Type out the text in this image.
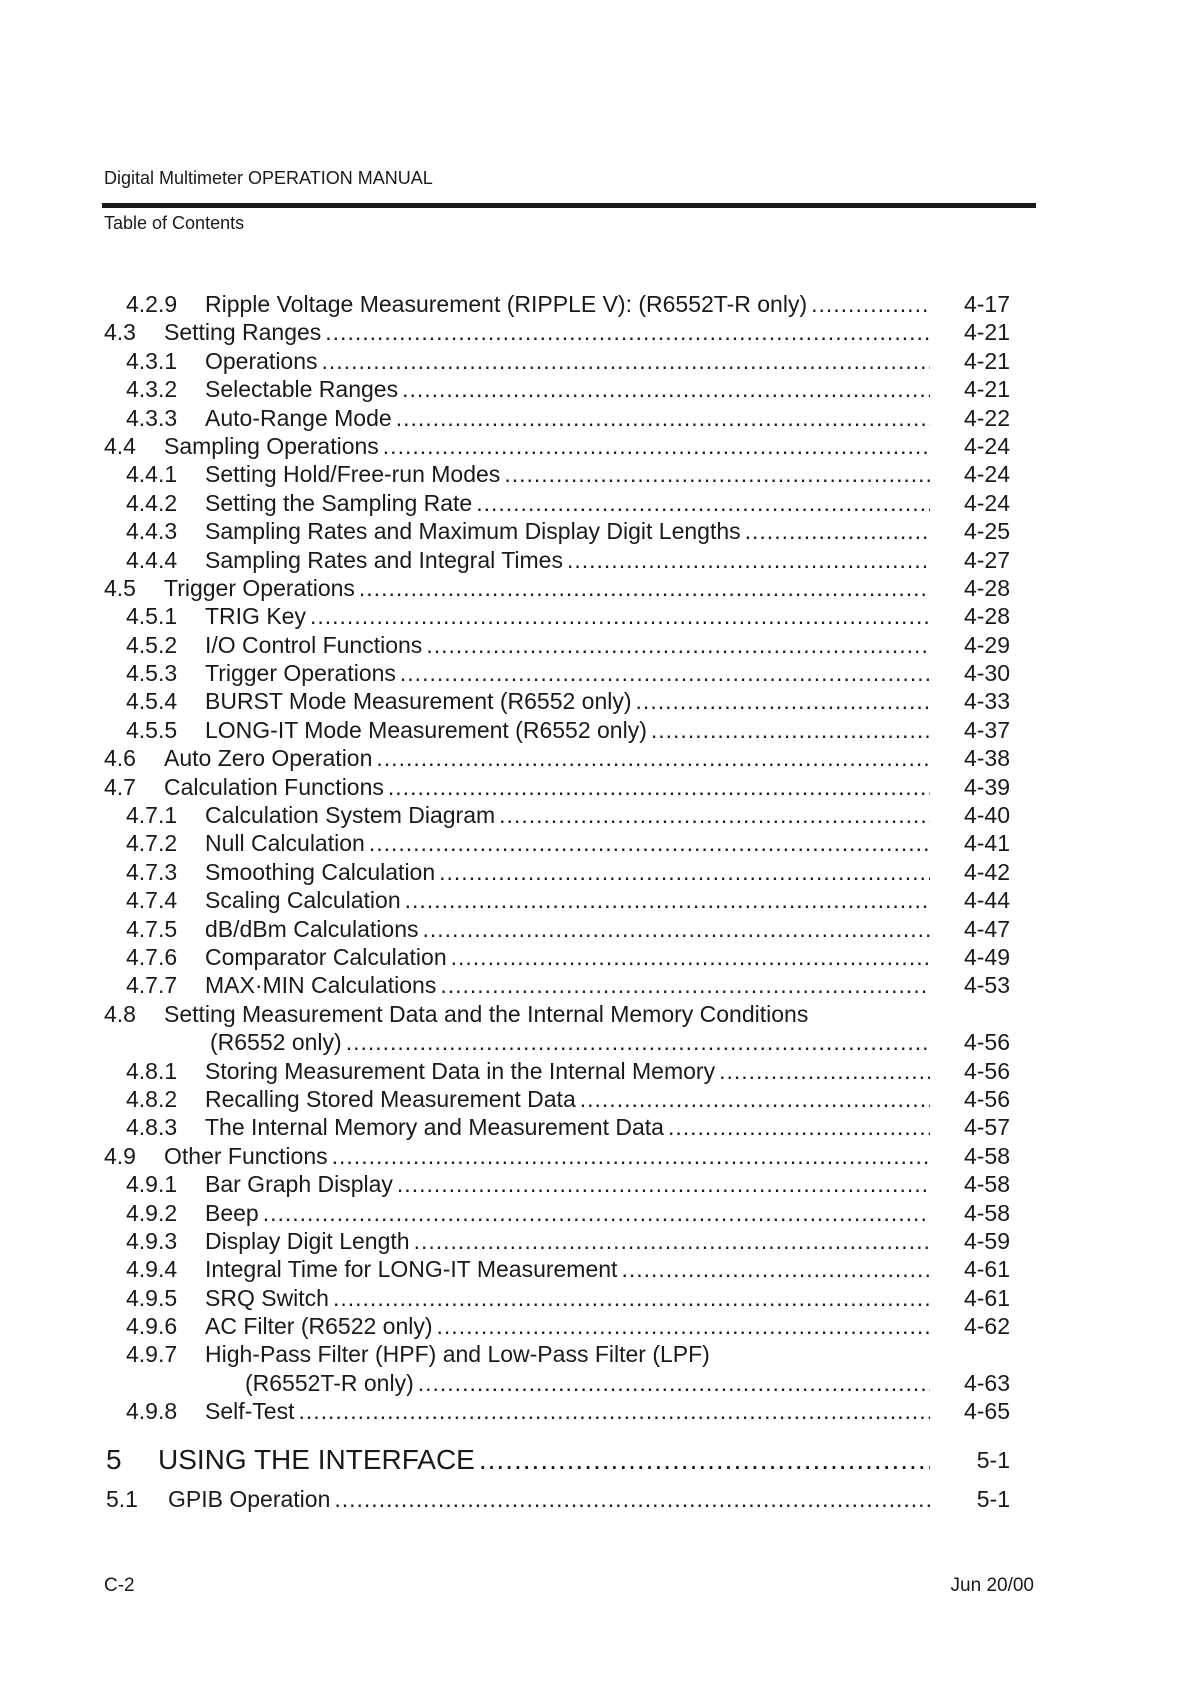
Digital Multimeter OPERATION MANUAL
Table of Contents
4.2.9 Ripple Voltage Measurement (RIPPLE V): (R6552T-R only) .....	4-17
4.3 Setting Ranges .....	4-21
4.3.1 Operations .....	4-21
4.3.2 Selectable Ranges .....	4-21
4.3.3 Auto-Range Mode .....	4-22
4.4 Sampling Operations .....	4-24
4.4.1 Setting Hold/Free-run Modes .....	4-24
4.4.2 Setting the Sampling Rate .....	4-24
4.4.3 Sampling Rates and Maximum Display Digit Lengths .....	4-25
4.4.4 Sampling Rates and Integral Times .....	4-27
4.5 Trigger Operations .....	4-28
4.5.1 TRIG Key .....	4-28
4.5.2 I/O Control Functions .....	4-29
4.5.3 Trigger Operations .....	4-30
4.5.4 BURST Mode Measurement (R6552 only) .....	4-33
4.5.5 LONG-IT Mode Measurement (R6552 only) .....	4-37
4.6 Auto Zero Operation .....	4-38
4.7 Calculation Functions .....	4-39
4.7.1 Calculation System Diagram .....	4-40
4.7.2 Null Calculation .....	4-41
4.7.3 Smoothing Calculation .....	4-42
4.7.4 Scaling Calculation .....	4-44
4.7.5 dB/dBm Calculations .....	4-47
4.7.6 Comparator Calculation .....	4-49
4.7.7 MAX·MIN Calculations .....	4-53
4.8 Setting Measurement Data and the Internal Memory Conditions
(R6552 only) .....	4-56
4.8.1 Storing Measurement Data in the Internal Memory .....	4-56
4.8.2 Recalling Stored Measurement Data .....	4-56
4.8.3 The Internal Memory and Measurement Data .....	4-57
4.9 Other Functions .....	4-58
4.9.1 Bar Graph Display .....	4-58
4.9.2 Beep .....	4-58
4.9.3 Display Digit Length .....	4-59
4.9.4 Integral Time for LONG-IT Measurement .....	4-61
4.9.5 SRQ Switch .....	4-61
4.9.6 AC Filter (R6522 only) .....	4-62
4.9.7 High-Pass Filter (HPF) and Low-Pass Filter (LPF)
(R6552T-R only) .....	4-63
4.9.8 Self-Test .....	4-65
5 USING THE INTERFACE .....	5-1
5.1 GPIB Operation .....	5-1
C-2	Jun 20/00
